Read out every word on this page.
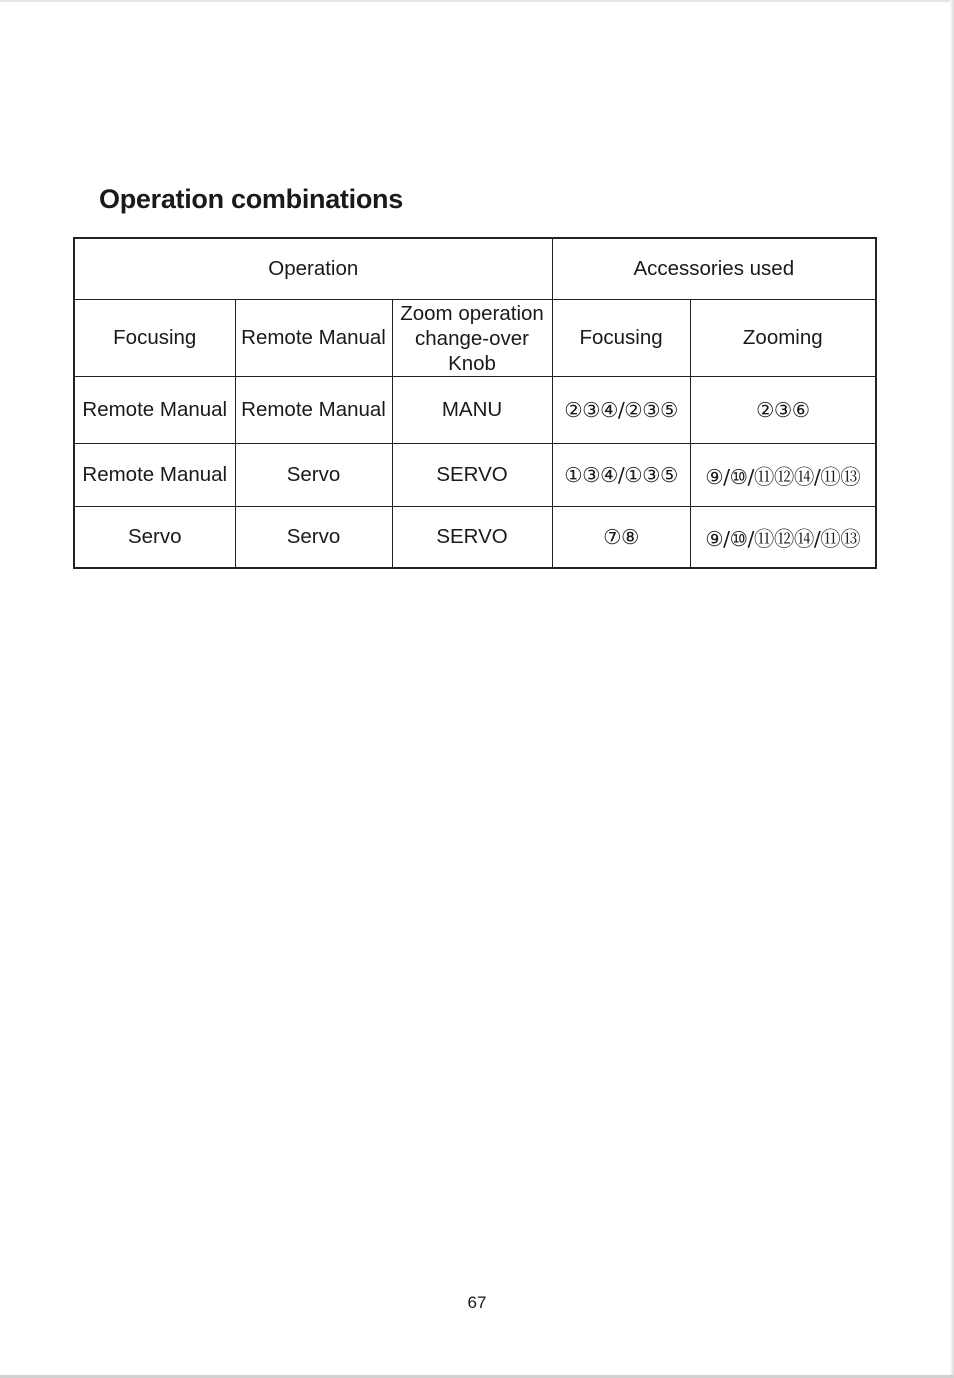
Operation combinations
Operation			Accessories used	
Focusing	Remote Manual	Zoom operation change-over Knob	Focusing	Zooming
Remote Manual	Remote Manual	MANU	②③④/②③⑤	②③⑥
Remote Manual	Servo	SERVO	①③④/①③⑤	⑨/⑩/⑪⑫⑭/⑪⑬
Servo	Servo	SERVO	⑦⑧	⑨/⑩/⑪⑫⑭/⑪⑬
67
